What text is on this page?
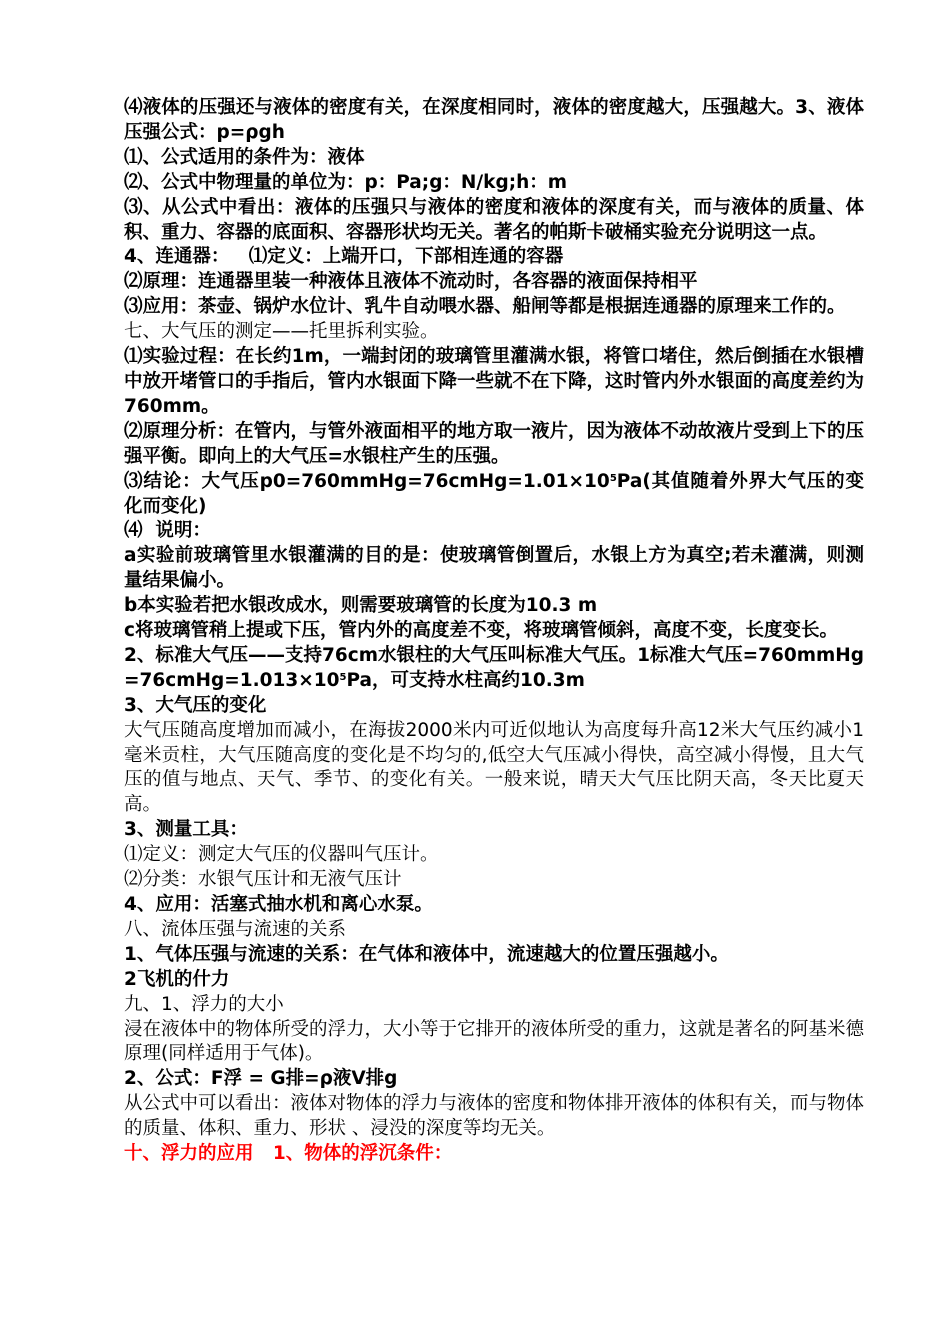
⑷液体的压强还与液体的密度有关，在深度相同时，液体的密度越大，压强越大。3、液体压强公式：p=ρgh
⑴、公式适用的条件为：液体
⑵、公式中物理量的单位为：p：Pa;g：N/kg;h：m
⑶、从公式中看出：液体的压强只与液体的密度和液体的深度有关，而与液体的质量、体积、重力、容器的底面积、容器形状均无关。著名的帕斯卡破桶实验充分说明这一点。
4、连通器：   ⑴定义：上端开口，下部相连通的容器
⑵原理：连通器里装一种液体且液体不流动时，各容器的液面保持相平
⑶应用：茶壶、锅炉水位计、乳牛自动喂水器、船闸等都是根据连通器的原理来工作的。
七、大气压的测定——托里拆利实验。
⑴实验过程：在长约1m，一端封闭的玻璃管里灌满水银，将管口堵住，然后倒插在水银槽中放开堵管口的手指后，管内水银面下降一些就不在下降，这时管内外水银面的高度差约为760mm。
⑵原理分析：在管内，与管外液面相平的地方取一液片，因为液体不动故液片受到上下的压强平衡。即向上的大气压=水银柱产生的压强。
⑶结论：大气压$p0=760mmHg=76cmHg=1.01\times 10^5Pa$(其值随着外界大气压的变化而变化)
⑷  说明：
a实验前玻璃管里水银灌满的目的是：使玻璃管倒置后，水银上方为真空;若未灌满，则测量结果偏小。
b本实验若把水银改成水，则需要玻璃管的长度为10.3 m
c将玻璃管稍上提或下压，管内外的高度差不变，将玻璃管倾斜，高度不变，长度变长。
2、标准大气压——支持76cm水银柱的大气压叫标准大气压。1标准大气压$=760mmHg=76cmHg=1.013\times 10^5Pa$，可支持水柱高约10.3m
3、大气压的变化
大气压随高度增加而减小，在海拔2000米内可近似地认为高度每升高12米大气压约减小1毫米贡柱，大气压随高度的变化是不均匀的,低空大气压减小得快，高空减小得慢，且大气压的值与地点、天气、季节、的变化有关。一般来说，晴天大气压比阴天高，冬天比夏天高。
3、测量工具：
⑴定义：测定大气压的仪器叫气压计。
⑵分类：水银气压计和无液气压计
4、应用：活塞式抽水机和离心水泵。
八、流体压强与流速的关系
1、气体压强与流速的关系：在气体和液体中，流速越大的位置压强越小。
2飞机的什力
九、1、浮力的大小
浸在液体中的物体所受的浮力，大小等于它排开的液体所受的重力，这就是著名的阿基米德原理(同样适用于气体)。
2、公式：F浮 = G排=ρ液V排g
从公式中可以看出：液体对物体的浮力与液体的密度和物体排开液体的体积有关，而与物体的质量、体积、重力、形状 、浸没的深度等均无关。
十、浮力的应用   1、物体的浮沉条件：
